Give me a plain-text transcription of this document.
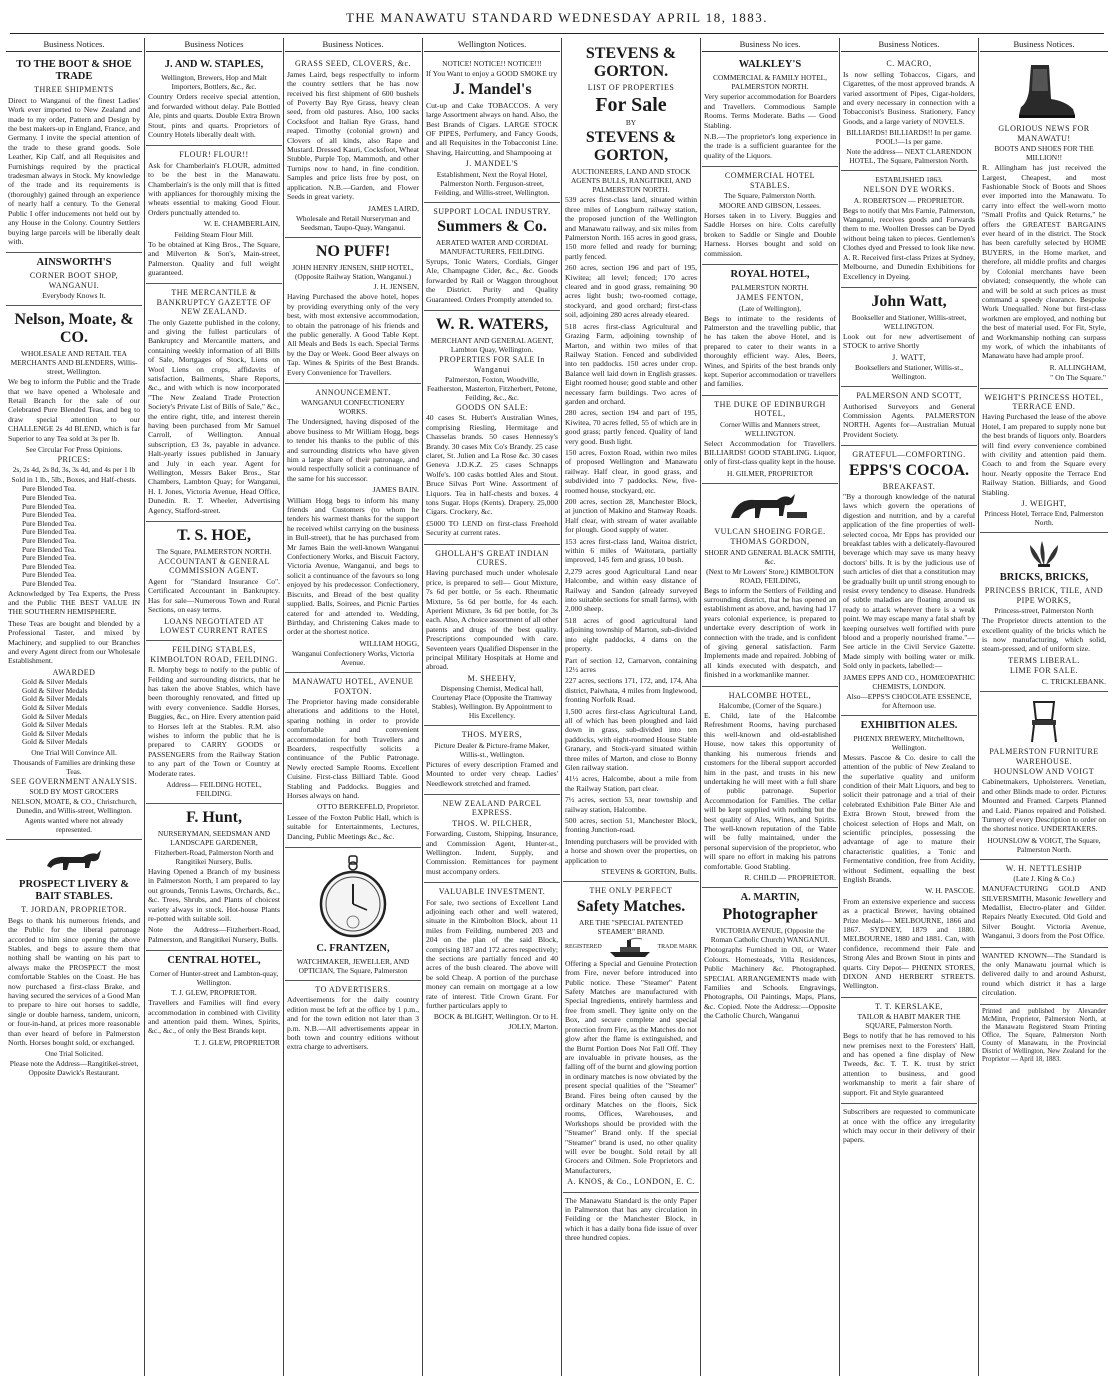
THE MANAWATU STANDARD WEDNESDAY APRIL 18, 1883.
Business Notices.
TO THE BOOT & SHOE TRADE
THREE SHIPMENTS

Direct to Wanganui of the finest Ladies' Work ever imported to New Zealand and made to my order, Pattern and Design by the best makers-up in England, France, and Germany. I invite the special attention of the trade to these grand goods. Sole Leather, Kip Calf, and all Requisites and Furnishings required by the practical tradesman always in Stock. My knowledge of the trade and its requirements is (thoroughly) gained through an experience of nearly half a century. To the General Public I offer inducements not held out by any House in the Colony. Country Settlers buying large parcels will be liberally dealt with.

AINSWORTH'S
CORNER BOOT SHOP, WANGANUI.
Everybody Knows It.
Nelson, Moate, & CO.
WHOLESALE AND RETAIL TEA MERCHANTS AND BLENDERS, Willis-street, Wellington.

We beg to inform the Public and the Trade that we have opened a Wholesale and Retail Branch for the sale of our Celebrated Pure Blended Teas, and beg to draw special attention to our CHALLENGE 2s 4d BLEND, which is far Superior to any Tea sold at 3s per lb.

See Circular For Press Opinions.
PRICES:
2s, 2s 4d, 2s 8d, 3s, 3s 4d, and 4s per 1 lb
Sold in 1 lb., 5lb., Boxes, and Half-chests.

Pure Blended Tea.

Pure Blended Tea.

Pure Blended Tea.

Pure Blended Tea.

Pure Blended Tea.

Pure Blended Tea.

Pure Blended Tea.

Pure Blended Tea.

Pure Blended Tea.

Pure Blended Tea.

Pure Blended Tea.

Pure Blended Tea.

Acknowledged by Tea Experts, the Press and the Public THE BEST VALUE IN THE SOUTHERN HEMISPHERE.

These Teas are bought and blended by a Professional Taster, and mixed by Machinery, and supplied to our Branches and every Agent direct from our Wholesale Establishment.

AWARDED

Gold & Silver Medals

Gold & Silver Medals

Gold & Silver Medals

Gold & Silver Medals

Gold & Silver Medals

Gold & Silver Medals

Gold & Silver Medals

Gold & Silver Medals

One Trial Will Convince All.
Thousands of Families are drinking these Teas.
SEE GOVERNMENT ANALYSIS.
SOLD BY MOST GROCERS
NELSON, MOATE, & CO., Christchurch, Dunedin, and Willis-street, Wellington.
Agents wanted where not already represented.
PROSPECT LIVERY & BAIT STABLES.
T. JORDAN, PROPRIETOR.

Begs to thank his numerous friends, and the Public for the liberal patronage accorded to him since opening the above Stables, and begs to assure them that nothing shall be wanting on his part to always make the PROSPECT the most comfortable Stables on the Coast. He has now purchased a first-class Brake, and having secured the services of a Good Man to prepare to hire out horses to saddle, single or double harness, tandem, unicorn, or four-in-hand, at prices more reasonable than ever heard of before in Palmerston North. Horses bought sold, or exchanged.

One Trial Solicited.
Please note the Address—Rangitikei-street, Opposite Dawick's Restaurant.
Business Notices
J. AND W. STAPLES,
Wellington, Brewers, Hop and Malt Importers, Bottlers, &c., &c.

Country Orders receive special attention, and forwarded without delay. Pale Bottled Ale, pints and quarts. Double Extra Brown Stout, pints and quarts. Proprietors of Country Hotels liberally dealt with.

FLOUR! FLOUR!!

Ask for Chamberlain's FLOUR, admitted to be the best in the Manawatu. Chamberlain's is the only mill that is fitted with appliances for thoroughly mixing the wheats essential to making Good Flour. Orders punctually attended to.

W. E. CHAMBERLAIN,
Feilding Steam Flour Mill.

To be obtained at King Bros., The Square, and Milverton & Son's, Main-street, Palmerston. Quality and full weight guaranteed.

THE MERCANTILE & BANKRUPTCY GAZETTE OF NEW ZEALAND.

The only Gazette published in the colony, and giving the fullest particulars of Bankruptcy and Mercantile matters, and containing weekly information of all Bills of Sale, Mortgages of Stock, Liens on Wool Liens on crops, affidavits of satisfaction, Bailments, Share Reports, &c., and with which is now incorporated "The New Zealand Trade Protection Society's Private List of Bills of Sale," &c., the entire right, title, and interest therein having been purchased from Mr Samuel Carroll, of Wellington. Annual subscription, £3 3s, payable in advance. Halt-yearly issues published in January and July in each year. Agent for Wellington, Messrs Baker Bros., Star Chambers, Lambton Quay; for Wanganui, H. I. Jones, Victoria Avenue, Head Office, Dunedin. R. T. Wheeler, Advertising Agency, Stafford-street.

T. S. HOE,
The Square, PALMERSTON NORTH.
ACCOUNTANT & GENERAL COMMISSION AGENT.

Agent for "Standard Insurance Co". Certificated Accountant in Bankruptcy. Has for sale—Numerous Town and Rural Sections, on easy terms.

LOANS NEGOTIATED AT LOWEST CURRENT RATES
FEILDING STABLES, KIMBOLTON ROAD, FEILDING.

R. Morphy begs to notify to the public of Feilding and surrounding districts, that he has taken the above Stables, which have been thoroughly renovated, and fitted up with every convenience. Saddle Horses, Buggies, &c., on Hire. Every attention paid to Horses left at the Stables. R.M. also wishes to inform the public that he is prepared to CARRY GOODS or PASSENGERS from the Railway Station to any part of the Town or Country at Moderate rates.

Address— FEILDING HOTEL, FEILDING.
F. Hunt,
NURSERYMAN, SEEDSMAN AND LANDSCAPE GARDENER,
Fitzherbert-Road, Palmerston North and Rangitikei Nursery, Bulls.

Having Opened a Branch of my business in Palmerston North, I am prepared to lay out grounds, Tennis Lawns, Orchards, &c., &c. Trees, Shrubs, and Plants of choicest variety always in stock. Hot-house Plants re-potted with suitable soil.

Note the Address—Fitzherbert-Road, Palmerston, and Rangitikei Nursery, Bulls.

CENTRAL HOTEL,
Corner of Hunter-street and Lambton-quay, Wellington.
T. J. GLEW, PROPRIETOR.

Travellers and Families will find every accommodation in combined with Civility and attention paid them. Wines, Spirits, &c., &c., of only the Best Brands kept.

T. J. GLEW, PROPRIETOR
Business Notices.
GRASS SEED, CLOVERS, &c.

James Laird, begs respectfully to inform the country settlers that he has now received his first shipment of 600 bushels of Poverty Bay Rye Grass, heavy clean seed, from old pastures. Also, 100 sacks Cocksfoot and Italian Rye Grass, hand reaped. Timothy (colonial grown) and Clovers of all kinds, also Rape and Mustard. Dressed Kauri, Cocksfoot, Wheat Stubble, Purple Top, Mammoth, and other Turnips now to hand, in fine condition. Samples and price lists free by post, on application. N.B.—Garden, and Flower Seeds in great variety.

JAMES LAIRD,
Wholesale and Retail Nurseryman and Seedsman, Taupo-Quay, Wanganui.
NO PUFF!
JOHN HENRY JENSEN, SHIP HOTEL, (Opposite Railway Station, Wanganui.)
J. H. JENSEN,

Having Purchased the above hotel, hopes by providing everything only of the very best, with most extensive accommodation, to obtain the patronage of his friends and the public generally. A Good Table Kept. All Meals and Beds 1s each. Special Terms by the Day or Week. Good Beer always on Tap. Wines & Spirits of the Best Brands. Every Convenience for Travellers.

ANNOUNCEMENT.
WANGANUI CONFECTIONERY WORKS.

The Undersigned, having disposed of the above business to Mr William Hogg, begs to tender his thanks to the public of this and surrounding districts who have given him a large share of their patronage, and would respectfully solicit a continuance of the same for his successor.

JAMES BAIN.

William Hogg begs to inform his many friends and Customers (to whom he tenders his warmest thanks for the support he received whilst carrying on the business in Bull-street), that he has purchased from Mr James Bain the well-known Wanganui Confectionery Works, and Biscuit Factory, Victoria Avenue, Wanganui, and begs to solicit a continuance of the favours so long enjoyed by his predecessor. Confectionery, Biscuits, and Bread of the best quality supplied. Balls, Soirees, and Picnic Parties catered for and attended to. Wedding, Birthday, and Christening Cakes made to order at the shortest notice.

WILLIAM HOGG,
Wanganui Confectionery Works, Victoria Avenue.
MANAWATU HOTEL, AVENUE FOXTON.

The Proprietor having made considerable alterations and additions to the Hotel, sparing nothing in order to provide comfortable and convenient accommodation for both Travellers and Boarders, respectfully solicits a continuance of the Public Patronage. Newly erected Sample Rooms. Excellent Cuisine. First-class Billiard Table. Good Stabling and Paddocks. Buggies and Horses always on hand.

OTTO BERKEFELD, Proprietor.

Lessee of the Foxton Public Hall, which is suitable for Entertainments, Lectures, Dancing, Public Meetings &c., &c.

C. FRANTZEN,
WATCHMAKER, JEWELLER, AND OPTICIAN, The Square, Palmerston
TO ADVERTISERS.

Advertisements for the daily country edition must be left at the office by 1 p.m., and for the town edition not later than 3 p.m. N.B.—All advertisements appear in both town and country editions without extra charge to advertisers.

Wellington Notices.
NOTICE! NOTICE!! NOTICE!!!

If You Want to enjoy a GOOD SMOKE try

J. Mandel's

Cut-up and Cake TOBACCOS. A very large Assortment always on hand. Also, the Best Brands of Cigars. LARGE STOCK OF PIPES, Perfumery, and Fancy Goods, and all Requisites in the Tobacconist Line. Shaving, Haircutting, and Shampooing at

J. MANDEL'S
Establishment, Next the Royal Hotel, Palmerston North. Ferguson-street, Feilding, and Willis-street, Wellington.
SUPPORT LOCAL INDUSTRY.
Summers & Co.
AERATED WATER AND CORDIAL MANUFACTURERS, FEILDING.

Syrups, Tonic Waters, Cordials, Ginger Ale, Champagne Cider, &c., &c. Goods forwarded by Rail or Waggon throughout the District. Purity and Quality Guaranteed. Orders Promptly attended to.

W. R. WATERS,
MERCHANT AND GENERAL AGENT, Lambton Quay, Wellington.
PROPERTIES FOR SALE In Wanganui
Palmerston, Foxton, Woodville, Featherston, Masterton, Fitzherbert, Petone, Feilding, &c., &c.
GOODS ON SALE:

40 cases St. Hubert's Australian Wines, comprising Riesling, Hermitage and Chasselas brands. 50 cases Hennessy's Brandy. 30 cases Mix Co's Brandy. 25 case claret, St. Julien and La Rose &c. 30 cases Geneva J.D.K.Z. 25 cases Schnapps Wolfe's. 100 casks bottled Ales and Stout. Bruce Silvas Port Wine. Assortment of Liquors. Tea in half-chests and boxes. 4 tons Sugar. Hops (Kents). Drapery. 25,000 Cigars. Crockery, &c.

£5000 TO LEND on first-class Freehold Security at current rates.

GHOLLAH'S GREAT INDIAN CURES.

Having purchased much under wholesale price, is prepared to sell— Gout Mixture, 7s 6d per bottle, or 5s each. Rheumatic Mixture, 5s 6d per bottle, for 4s each. Aperient Mixture, 3s 6d per bottle, for 3s each. Also, A choice assortment of all other patents and drugs of the best quality. Prescriptions compounded with care. Seventeen years Qualified Dispenser in the principal Military Hospitals at Home and abroad.

M. SHEEHY,
Dispensing Chemist, Medical hall, Courtenay Place (Opposite the Tramway Stables), Wellington. By Appointment to His Excellency.
THOS. MYERS,
Picture Dealer & Picture-frame Maker, Willis-st., Wellington.

Pictures of every description Framed and Mounted to order very cheap. Ladies' Needlework stretched and framed.

NEW ZEALAND PARCEL EXPRESS.
THOS. W. PILCHER,

Forwarding, Custom, Shipping, Insurance, and Commission Agent, Hunter-st., Wellington. Indent, Supply, and Commission. Remittances for payment must accompany orders.

VALUABLE INVESTMENT.

For sale, two sections of Excellent Land adjoining each other and well watered, situate in the Kimbolton Block, about 11 miles from Feilding, numbered 203 and 204 on the plan of the said Block, comprising 187 and 172 acres respectively; the sections are partially fenced and 40 acres of the bush cleared. The above will be sold Cheap. A portion of the purchase money can remain on mortgage at a low rate of interest. Title Crown Grant. For further particulars apply to

BOCK & BLIGHT, Wellington. Or to H. JOLLY, Marton.
STEVENS & GORTON.
LIST OF PROPERTIES
For Sale
BY
STEVENS & GORTON,
AUCTIONEERS, LAND AND STOCK AGENTS BULLS, RANGITIKEI, AND PALMERSTON NORTH.

539 acres first-class land, situated within three miles of Longburn railway station, the proposed junction of the Wellington and Manawatu railway, and six miles from Palmerston North. 165 acres in good grass, 150 more felled and ready for burning; partly fenced.

260 acres, section 196 and part of 195, Kiwitea; all level; fenced; 170 acres cleared and in good grass, remaining 90 acres light bush; two-roomed cottage, stockyard, and good orchard; first-class soil, adjoining 280 acres already eleared.

518 acres first-class Agricultural and Grazing Farm, adjoining township of Marton, and within two miles of that Railway Station. Fenced and subdivided into ten paddocks. 150 acres under crop. Balance well laid down in English grasses. Eight roomed house; good stable and other necessary farm buildings. Two acres of garden and orchard.

280 acres, section 194 and part of 195, Kiwitea, 70 acres felled, 55 of which are in good grass; partly fenced. Quality of land very good. Bush light.

150 acres, Foxton Road, within two miles of proposed Wellington and Manawatu railway. Half clear, in good grass, and subdivided into 7 paddocks. New, five-roomed house, stockyard, etc.

200 acres, section 28, Manchester Block, at junction of Makino and Stanway Roads. Half clear, with stream of water available for plough. Good supply of water.

153 acres first-class land, Waitoa district, within 6 miles of Waitotara, partially improved, 145 fern and grass, 10 bush.

2,279 acres good Agricultural Land near Halcombe, and within easy distance of Railway and Sandon (already surveyed into suitable sections for small farms), with 2,000 sheep.

518 acres of good agricultural land adjoining township of Marton, sub-divided into eight paddocks, 4 dams on the property.

Part of section 12, Carnarvon, containing 12½ acres

227 acres, sections 171, 172, and, 174, Aha district, Paiwhata, 4 miles from Inglewood, fronting Norfolk Road.

1,500 acres first-class Agricultural Land, all of which has been ploughed and laid down in grass, sub-divided into ten paddocks, with eight-roomed House Stable Granary, and Stock-yard situated within three miles of Marton, and close to Bonny Glen railway station.

41½ acres, Halcombe, about a mile from the Railway Station, part clear.

7½ acres, section 53, near township and railway station, Halcombe.

500 acres, section 51, Manchester Block, fronting Junction-road.

Intending purchasers will be provided with a horse and shown over the properties, on application to

STEVENS & GORTON, Bulls.
THE ONLY PERFECT
Safety Matches.
ARE THE "SPECIAL PATENTED STEAMER" BRAND.
REGISTERED	TRADE MARK

Offering a Special and Genuine Protection from Fire, never before introduced into Public notice. These "Steamer" Patent Safety Matches are manufactured with Special Ingredients, entirely harmless and free from smell. They ignite only on the Box, and secure complete and special protection from Fire, as the Matches do not glow after the flame is extinguished, and the Burnt Portion Does Not Fall Off. They are invaluable in private houses, as the falling off of the burnt and glowing portion in ordinary matches is now obviated by the present special qualities of the "Steamer" Brand. Fires being often caused by the ordinary Matches on the floors, Sick rooms, Offices, Warehouses, and Workshops should be provided with the "Steamer" Brand only. If the special "Steamer" brand is used, no other quality will ever be bought. Sold retail by all Grocers and Oilmen. Sole Proprietors and Manufacturers,

A. KNOS, & Co., LONDON, E. C.

The Manawatu Standard is the only Paper in Palmerston that has any circulation in Feilding or the Manchester Block, in which it has a daily bona fide issue of over three hundred copies.

Business No ices.
WALKLEY'S
COMMERCIAL & FAMILY HOTEL, PALMERSTON NORTH.

Very superior accommodation for Boarders and Travellers. Commodious Sample Rooms. Terms Moderate. Baths — Good Stabling.

N.B.—The proprietor's long experience in the trade is a sufficient guarantee for the quality of the Liquors.

COMMERCIAL HOTEL STABLES.
The Square, Palmerston North.
MOORE AND GIBSON, Lessees.

Horses taken in to Livery. Buggies and Saddle Horses on hire. Colts carefully broken to Saddle or Single and Double Harness. Horses bought and sold on commission.

ROYAL HOTEL,
PALMERSTON NORTH.
JAMES FENTON,
(Late of Wellington),

Begs to intimate to the residents of Palmerston and the travelling public, that he has taken the above Hotel, and is prepared to cater to their wants in a thoroughly efficient way. Ales, Beers, Wines, and Spirits of the best brands only kept. Superior accommodation or travellers and families.

THE DUKE OF EDINBURGH HOTEL,
Corner Willis and Manners street, WELLINGTON.

Select Accommodation for Travellers. BILLIARDS! GOOD STABLING. Liquor, only of first-class quality kept in the house.

H. GILMER, PROPRIETOR
VULCAN SHOEING FORGE.
THOMAS GORDON,
SHOER AND GENERAL BLACK SMITH, &c.
(Next to Mr Lowers' Store,) KIMBOLTON ROAD, FEILDING,

Begs to inform the Settlers of Feilding and surrounding district, that he has opened an establishment as above, and, having had 17 years colonial experience, is prepared to undertake every description of work in connection with the trade, and is confident of giving general satisfaction. Farm Implements made and repaired. Jobbing of all kinds executed with despatch, and finished in a workmanlike manner.

HALCOMBE HOTEL,
Halcombe, (Corner of the Square.)

E. Child, late of the Halcombe Refreshment Rooms, having purchased this well-known and old-established House, now takes this opportunity of thanking his numerous friends and customers for the liberal support accorded him in the past, and trusts in his new undertaking he will meet with a full share of public patronage. Superior Accommodation for Families. The cellar will be kept supplied with nothing but the best quality of Ales, Wines, and Spirits. The well-known reputation of the Table will be fully maintained, under the personal supervision of the proprietor, who will spare no effort in making his patrons comfortable. Good Stabling.

R. CHILD — PROPRIETOR.
A. MARTIN,
Photographer
VICTORIA AVENUE, (Opposite the Roman Catholic Church) WANGANUI.

Photographs Furnished in Oil, or Water Colours. Homesteads, Villa Residences, Public Machinery &c. Photographed. SPECIAL ARRANGEMENTS made with Families and Schools. Engravings, Photographs, Oil Paintings, Maps, Plans, &c. Copied. Note the Address:—Opposite the Catholic Church, Wanganui

Business Notices.
C. MACRO,

Is now selling Tobaccos, Cigars, and Cigarettes, of the most approved brands. A varied assortment of Pipes, Cigar-holders, and every necessary in connection with a Tobacconist's Business. Stationery, Fancy Goods, and a large variety of NOVELS.

BILLIARDS! BILLIARDS!! In per game. POOL!—1s per game.
Note the address— NEXT CLARENDON HOTEL, The Square, Palmerston North.
ESTABLISHED 1863.
NELSON DYE WORKS.
A. ROBERTSON — PROPRIETOR.

Begs to notify that Mrs Farnie, Palmerston, Wanganui, receives goods and Forwards them to me. Woollen Dresses can be Dyed without being taken to pieces. Gentlemen's Clothes dyed and Pressed to look like new. A. R. Received first-class Prizes at Sydney, Melbourne, and Dunedin Exhibitions for Excellency in Dyeing.

John Watt,
Bookseller and Stationer, Willis-street, WELLINGTON.

Look out for new advertisement of STOCK to arrive Shortly

J. WATT,
Booksellers and Stationer, Willis-st., Wellington.
PALMERSON AND SCOTT,

Authorised Surveyors and General Commission Agents. PALMERSTON NORTH. Agents for—Australian Mutual Provident Society.

GRATEFUL—COMFORTING.
EPPS'S COCOA.
BREAKFAST.

"By a thorough knowledge of the natural laws which govern the operations of digestion and nutrition, and by a careful application of the fine properties of well-selected cocoa, Mr Epps has provided our breakfast tables with a delicately-flavoured beverage which may save us many heavy doctors' bills. It is by the judicious use of such articles of diet that a constitution may be gradually built up until strong enough to resist every tendency to disease. Hundreds of subtle maladies are floating around us ready to attack wherever there is a weak point. We may escape many a fatal shaft by keeping ourselves well fortified with pure blood and a properly nourished frame."—See article in the Civil Service Gazette. Made simply with boiling water or milk. Sold only in packets, labelled:—

JAMES EPPS AND CO., HOMŒOPATHIC CHEMISTS, LONDON.
Also—EPPS'S CHOCOLATE ESSENCE, for Afternoon use.
EXHIBITION ALES.
PHŒNIX BREWERY, Mitchelltown, Wellington.

Messrs. Pascoe & Co. desire to call the attention of the public of New Zealand to the superlative quality and uniform condition of their Malt Liquors, and beg to solicit their patronage and a trial of their celebrated Exhibition Pale Bitter Ale and Extra Brown Stout, brewed from the choicest selection of Hops and Malt, on scientific principles, possessing the advantage of age to mature their characteristic qualities, a Tonic and Fermentative condition, free from Acidity, without Sediment, equalling the best English Brands.

W. H. PASCOE.

From an extensive experience and success as a practical Brewer, having obtained Prize Medals— MELBOURNE, 1866 and 1867. SYDNEY, 1879 and 1880. MELBOURNE, 1880 and 1881. Can, with confidence, recommend their Pale and Strong Ales and Brown Stout in pints and quarts. City Depot— PHŒNIX STORES, DIXON AND HERBERT STREETS. Wellington.

T. T. KERSLAKE,
TAILOR & HABIT MAKER THE SQUARE, Palmerston North.

Begs to notify that he has removed to his new premises next to the Foresters' Hall, and has opened a fine display of New Tweeds, &c. T. T. K. trust by strict attention to business, and good workmanship to merit a fair share of support. Fit and Style guaranteed

Subscribers are requested to communicate at once with the office any irregularity which may occur in their delivery of their papers.

Business Notices.
GLORIOUS NEWS FOR MANAWATU!
BOOTS AND SHOES FOR THE MILLION!!

R. Allingham has just received the Largest, Cheapest, and most Fashionable Stock of Boots and Shoes ever imported into the Manawatu. To carry into effect the well-worn motto "Small Profits and Quick Returns," he offers the GREATEST BARGAINS ever heard of in the district. The Stock has been carefully selected by HOME BUYERS, in the Home market, and therefore, all middle profits and charges by Colonial merchants have been obviated; consequently, the whole can and will be sold at such prices as must command a speedy clearance. Bespoke Work Unequalled. None but first-class workmen are employed, and nothing but the best of material used. For Fit, Style, and Workmanship nothing can surpass my work, of which the inhabitants of Manawatu have had ample proof.

R. ALLINGHAM,
" On The Square."
WEIGHT'S PRINCESS HOTEL, TERRACE END.

Having Purchased the lease of the above Hotel, I am prepared to supply none but the best brands of liquors only. Boarders will find every convenience combined with civility and attention paid them. Coach to and from the Square every hour. Nearly opposite the Terrace End Railway Station. Billiards, and Good Stabling.

J. WEIGHT,
Princess Hotel, Terrace End, Palmerston North.
BRICKS, BRICKS,
PRINCESS BRICK, TILE, AND PIPE WORKS,
Princess-street, Palmerston North

The Proprietor directs attention to the excellent quality of the bricks which he is now manufacturing, which solid, steam-pressed, and of uniform size.

TERMS LIBERAL.
LIME FOR SALE.
C. TRICKLEBANK.
PALMERSTON FURNITURE WAREHOUSE.
HOUNSLOW AND VOIGT

Cabinetmakers, Upholsterers. Venetian, and other Blinds made to order. Pictures Mounted and Framed. Carpets Planned and Laid. Pianos repaired and Polished. Turnery of every Description to order on the shortest notice. UNDERTAKERS.

HOUNSLOW & VOIGT, The Square, Palmerston North.
W. H. NETTLESHIP
(Late J. King & Co.)

MANUFACTURING GOLD AND SILVERSMITH, Masonic Jewellery and Medallist, Electro-plater and Gilder. Repairs Neatly Executed. Old Gold and Silver Bought. Victoria Avenue, Wanganui, 3 doors from the Post Office.

WANTED KNOWN—The Standard is the only Manawatu journal which is delivered daily to and around Ashurst, round which district it has a large circulation.

Printed and published by Alexander McMinn, Proprietor, Palmerston North, at the Manawatu Registered Steam Printing Office, The Square, Palmerston North County of Manawatu, in the Provincial District of Wellington, New Zealand for the Proprietor — April 18, 1883.
